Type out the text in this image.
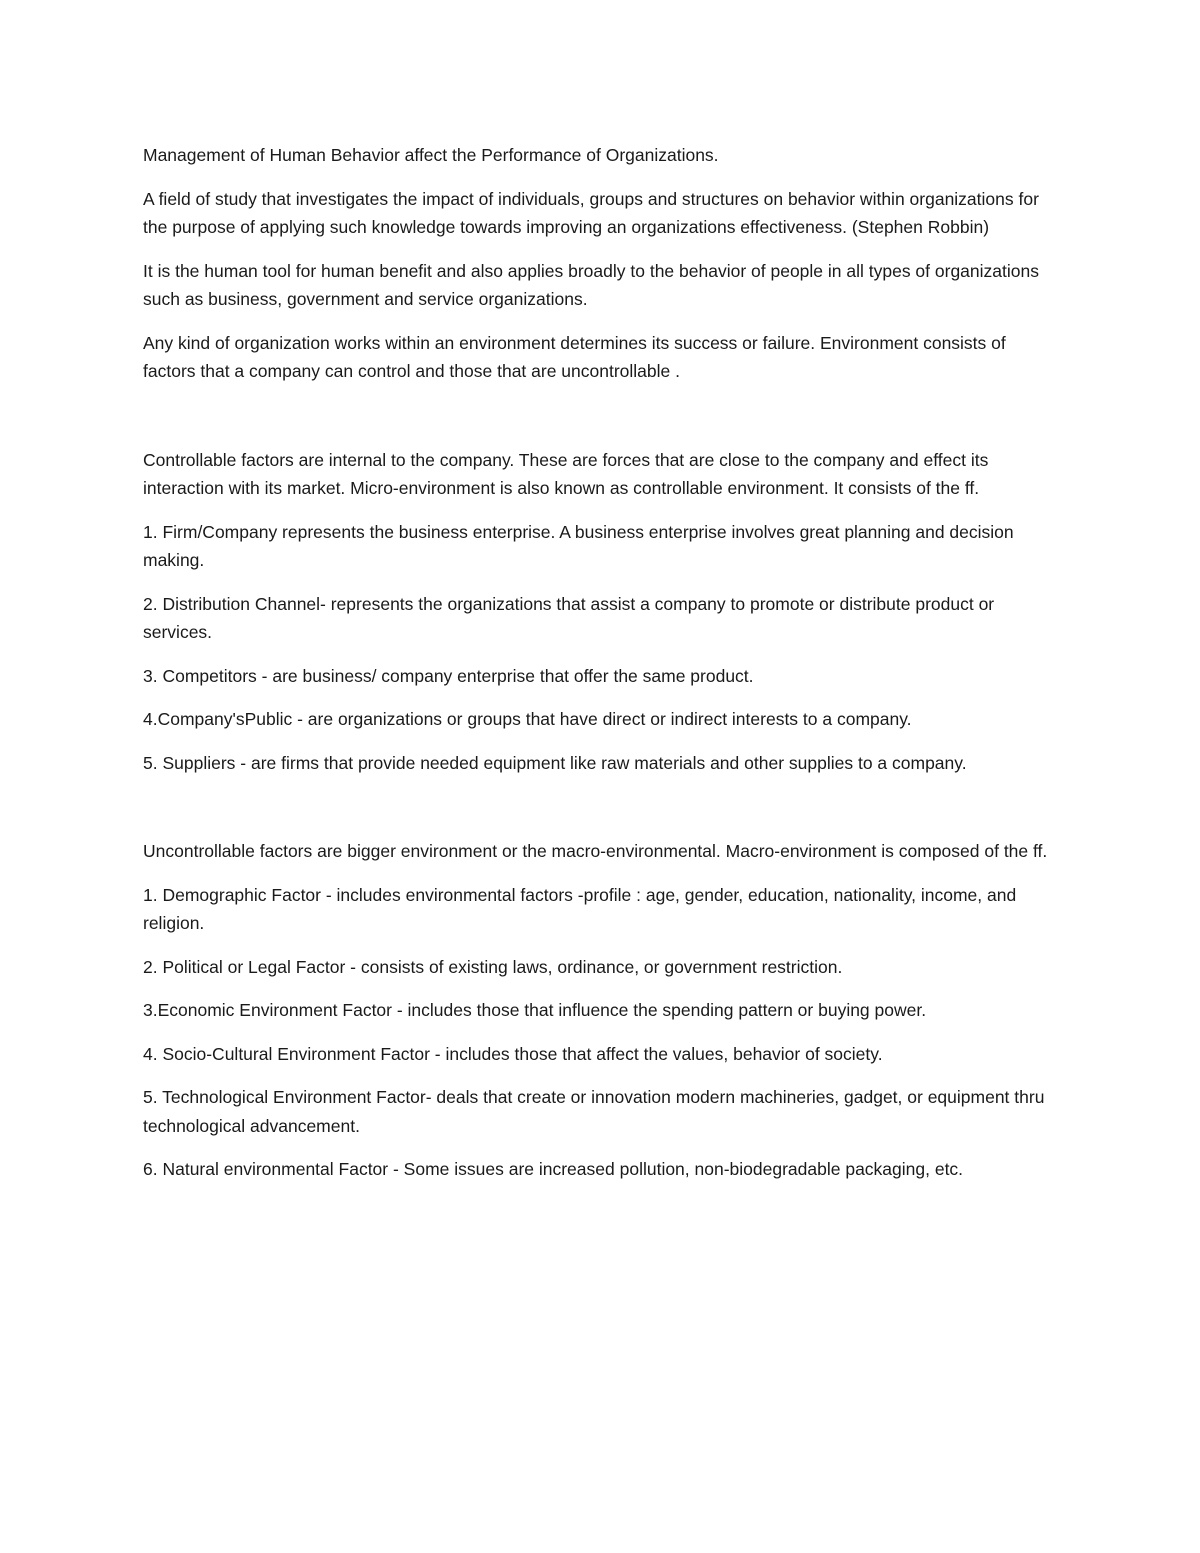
Management of Human Behavior affect the Performance of Organizations.

A field of study that investigates the impact of individuals, groups and structures on behavior within organizations for the purpose of applying such knowledge towards improving an organizations effectiveness. (Stephen Robbin)

It is the human tool for human benefit and also applies broadly to the behavior of people in all types of organizations such as business, government and service organizations.

Any kind of organization works within an environment determines its success or failure. Environment consists of factors that a company can control and those that are uncontrollable .

Controllable factors are internal to the company. These are forces that are close to the company and effect its interaction with its market. Micro-environment is also known as controllable environment. It consists of the ff.

1. Firm/Company represents the business enterprise. A business enterprise involves great planning and decision making.

2. Distribution Channel- represents the organizations that assist a company to promote or distribute product or services.

3. Competitors - are business/ company enterprise that offer the same product.

4.Company'sPublic - are organizations or groups that have direct or indirect interests to a company.

5. Suppliers - are firms that provide needed equipment like raw materials and other supplies to a company.

Uncontrollable factors are bigger environment or the macro-environmental. Macro-environment is composed of the ff.

1. Demographic Factor - includes environmental factors -profile : age, gender, education, nationality, income, and religion.

2. Political or Legal Factor - consists of existing laws, ordinance, or government restriction.

3.Economic Environment Factor - includes those that influence the spending pattern or buying power.

4. Socio-Cultural Environment Factor - includes those that affect the values, behavior of society.

5. Technological Environment Factor- deals that create or innovation modern machineries, gadget, or equipment thru technological advancement.

6. Natural environmental Factor - Some issues are increased pollution, non-biodegradable packaging, etc.
